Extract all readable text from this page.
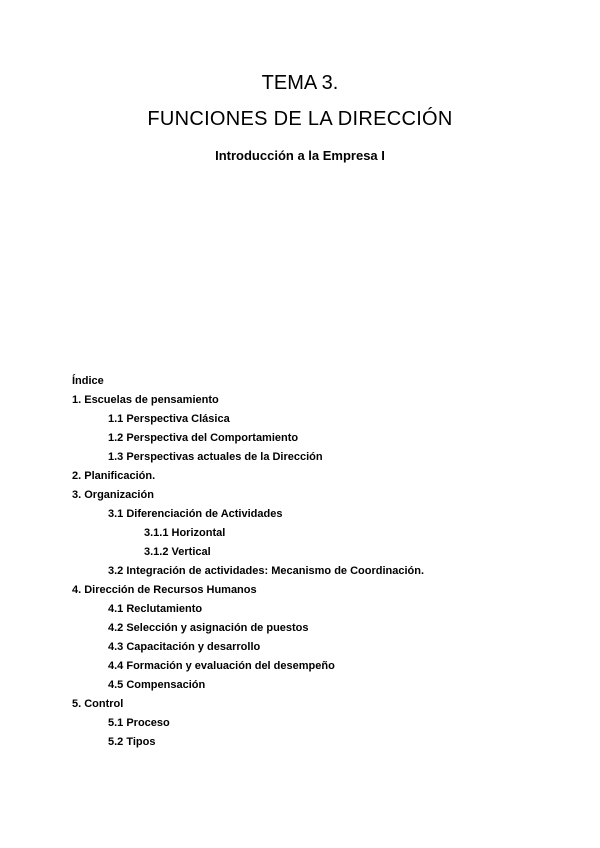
TEMA 3.
FUNCIONES DE LA DIRECCIÓN
Introducción a la Empresa I
Índice
1. Escuelas de pensamiento
1.1 Perspectiva Clásica
1.2 Perspectiva del Comportamiento
1.3 Perspectivas actuales de la Dirección
2. Planificación.
3. Organización
3.1 Diferenciación de Actividades
3.1.1 Horizontal
3.1.2 Vertical
3.2 Integración de actividades: Mecanismo de Coordinación.
4. Dirección de Recursos Humanos
4.1 Reclutamiento
4.2 Selección y asignación de puestos
4.3 Capacitación y desarrollo
4.4 Formación y evaluación del desempeño
4.5 Compensación
5. Control
5.1 Proceso
5.2 Tipos
